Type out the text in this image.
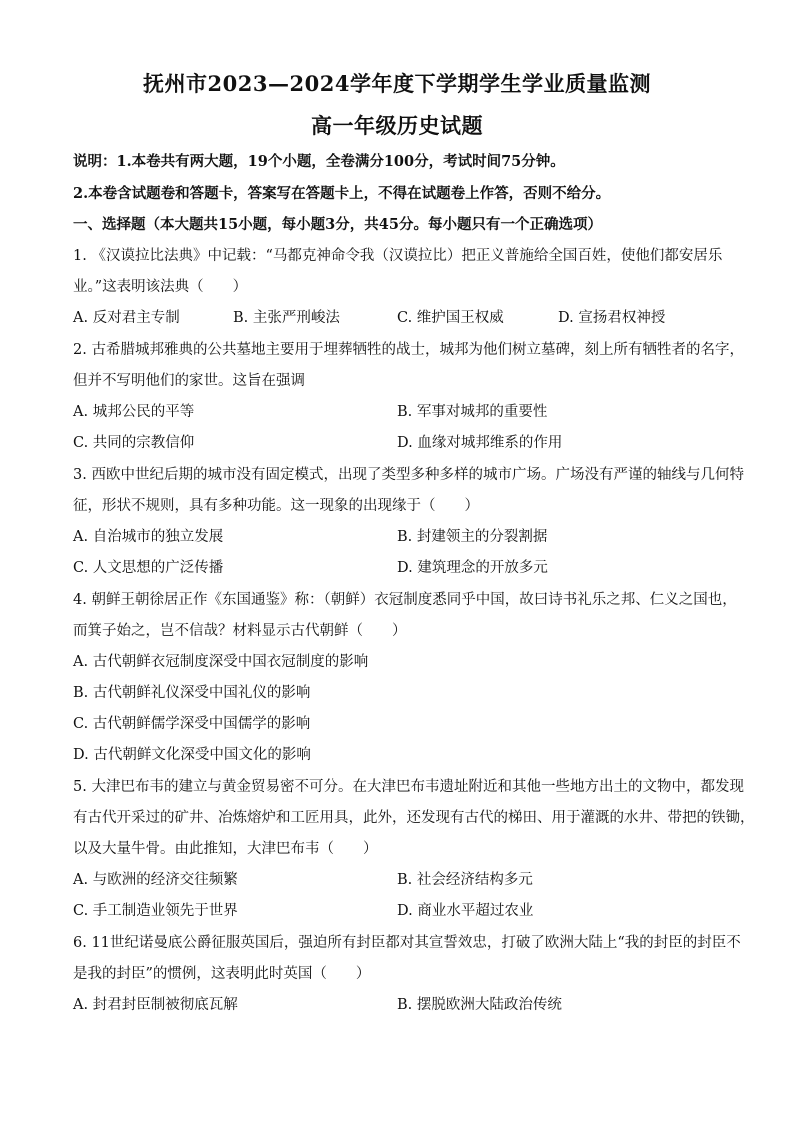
抚州市2023—2024学年度下学期学生学业质量监测
高一年级历史试题
说明：1.本卷共有两大题，19个小题，全卷满分100分，考试时间75分钟。
2.本卷含试题卷和答题卡，答案写在答题卡上，不得在试题卷上作答，否则不给分。
一、选择题（本大题共15小题，每小题3分，共45分。每小题只有一个正确选项）
1. 《汉谟拉比法典》中记载：“马都克神命令我（汉谟拉比）把正义普施给全国百姓，使他们都安居乐
业。”这表明该法典（　　）
A. 反对君主专制	B. 主张严刑峻法	C. 维护国王权威	D. 宣扬君权神授
2. 古希腊城邦雅典的公共墓地主要用于埋葬牺牲的战士，城邦为他们树立墓碑，刻上所有牺牲者的名字，
但并不写明他们的家世。这旨在强调
A. 城邦公民的平等	B. 军事对城邦的重要性
C. 共同的宗教信仰	D. 血缘对城邦维系的作用
3. 西欧中世纪后期的城市没有固定模式，出现了类型多种多样的城市广场。广场没有严谨的轴线与几何特
征，形状不规则，具有多种功能。这一现象的出现缘于（　　）
A. 自治城市的独立发展	B. 封建领主的分裂割据
C. 人文思想的广泛传播	D. 建筑理念的开放多元
4. 朝鲜王朝徐居正作《东国通鉴》称：（朝鲜）衣冠制度悉同乎中国，故曰诗书礼乐之邦、仁义之国也，
而箕子始之，岂不信哉？材料显示古代朝鲜（　　）
A. 古代朝鲜衣冠制度深受中国衣冠制度的影响
B. 古代朝鲜礼仪深受中国礼仪的影响
C. 古代朝鲜儒学深受中国儒学的影响
D. 古代朝鲜文化深受中国文化的影响
5. 大津巴布韦的建立与黄金贸易密不可分。在大津巴布韦遗址附近和其他一些地方出土的文物中，都发现
有古代开采过的矿井、冶炼熔炉和工匠用具，此外，还发现有古代的梯田、用于灌溉的水井、带把的铁锄，
以及大量牛骨。由此推知，大津巴布韦（　　）
A. 与欧洲的经济交往频繁	B. 社会经济结构多元
C. 手工制造业领先于世界	D. 商业水平超过农业
6. 11世纪诺曼底公爵征服英国后，强迫所有封臣都对其宣誓效忠，打破了欧洲大陆上“我的封臣的封臣不
是我的封臣”的惯例，这表明此时英国（　　）
A. 封君封臣制被彻底瓦解	B. 摆脱欧洲大陆政治传统
